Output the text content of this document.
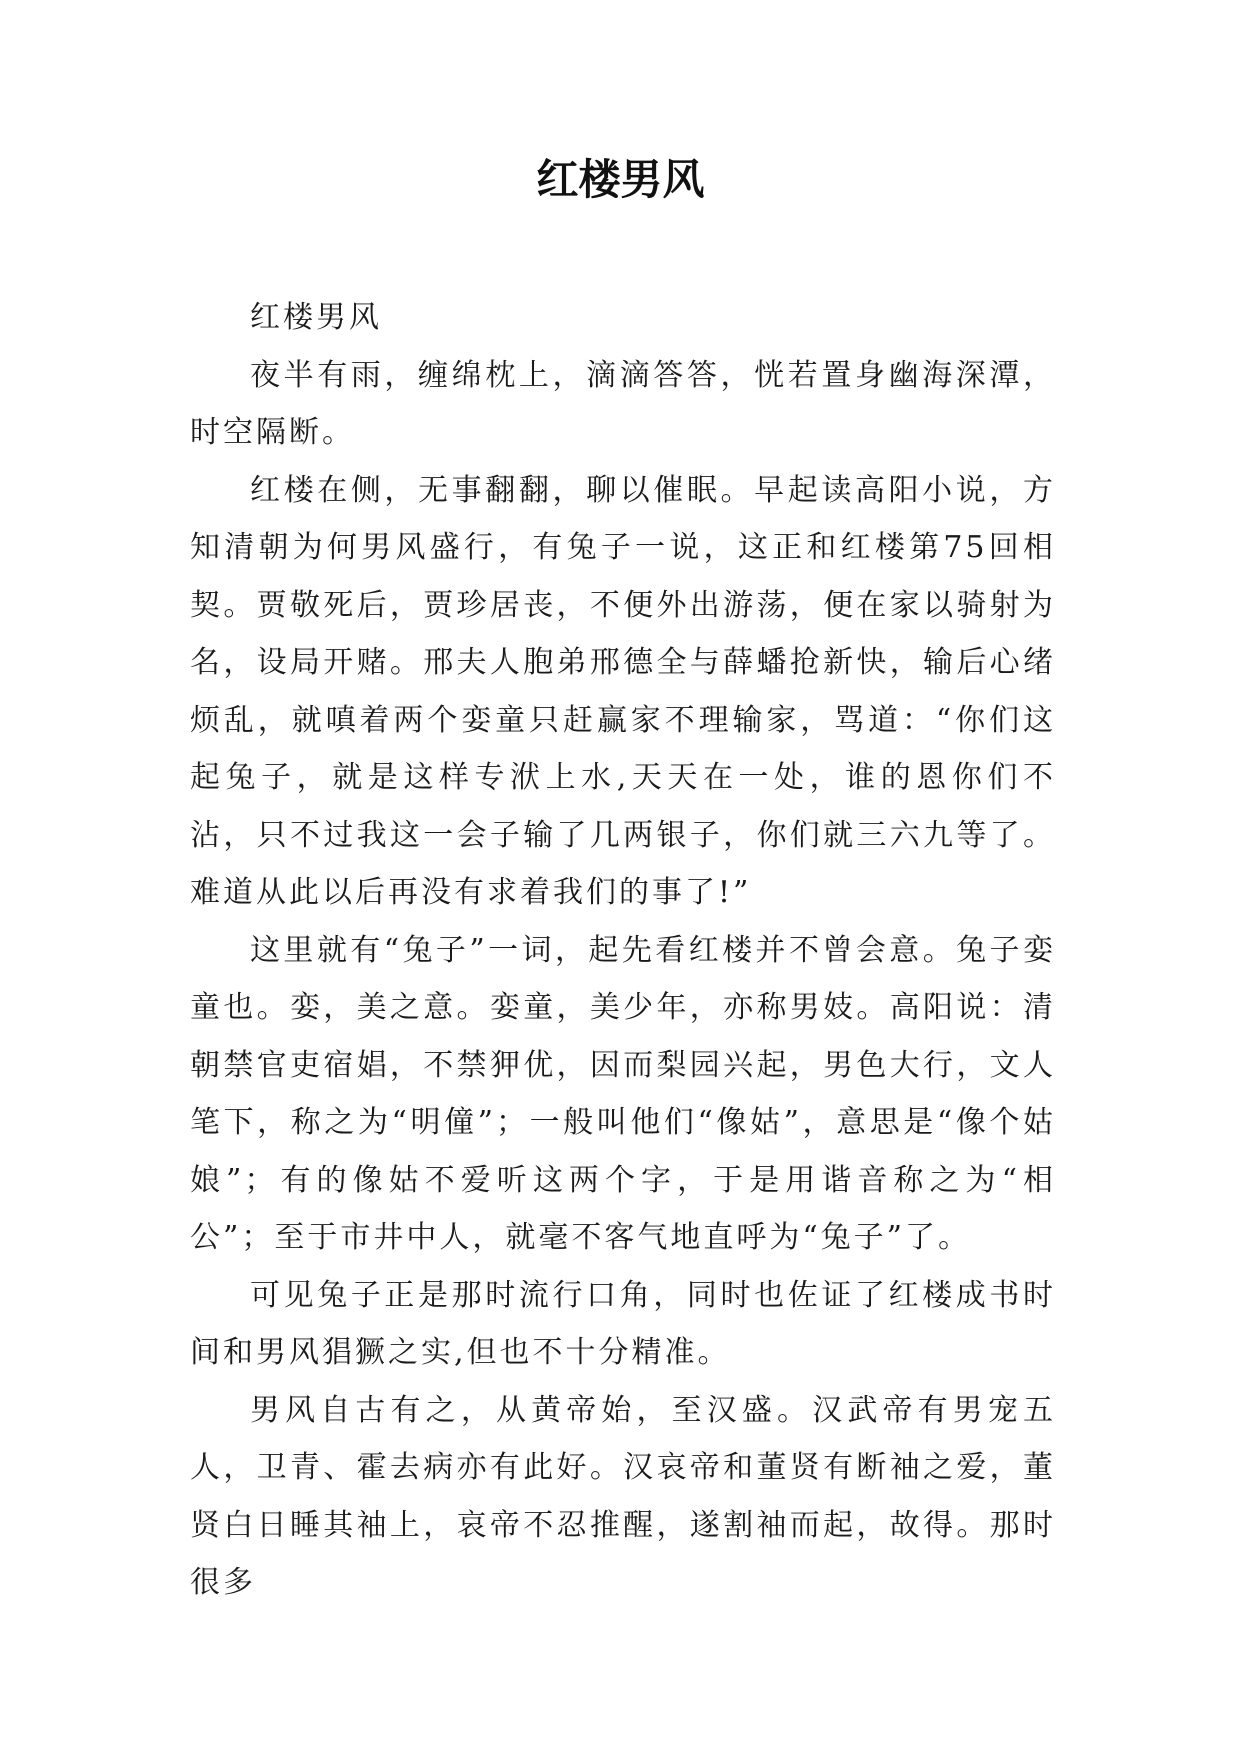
红楼男风

红楼男风

夜半有雨，缠绵枕上，滴滴答答，恍若置身幽海深潭，时空隔断。

红楼在侧，无事翻翻，聊以催眠。早起读高阳小说，方知清朝为何男风盛行，有兔子一说，这正和红楼第75回相契。贾敬死后，贾珍居丧，不便外出游荡，便在家以骑射为名，设局开赌。邢夫人胞弟邢德全与薛蟠抢新快，输后心绪烦乱，就嗔着两个娈童只赶赢家不理输家，骂道：“你们这起兔子，就是这样专洑上水,天天在一处，谁的恩你们不沾，只不过我这一会子输了几两银子，你们就三六九等了。难道从此以后再没有求着我们的事了!”

这里就有“兔子”一词，起先看红楼并不曾会意。兔子娈童也。娈，美之意。娈童，美少年，亦称男妓。高阳说：清朝禁官吏宿娼，不禁狎优，因而梨园兴起，男色大行，文人笔下，称之为“明僮”；一般叫他们“像姑”，意思是“像个姑娘”；有的像姑不爱听这两个字，于是用谐音称之为“相公”；至于市井中人，就毫不客气地直呼为“兔子”了。

可见兔子正是那时流行口角，同时也佐证了红楼成书时间和男风猖獗之实,但也不十分精准。

男风自古有之，从黄帝始，至汉盛。汉武帝有男宠五人，卫青、霍去病亦有此好。汉哀帝和董贤有断袖之爱，董贤白日睡其袖上，哀帝不忍推醒，遂割袖而起，故得。那时很多
